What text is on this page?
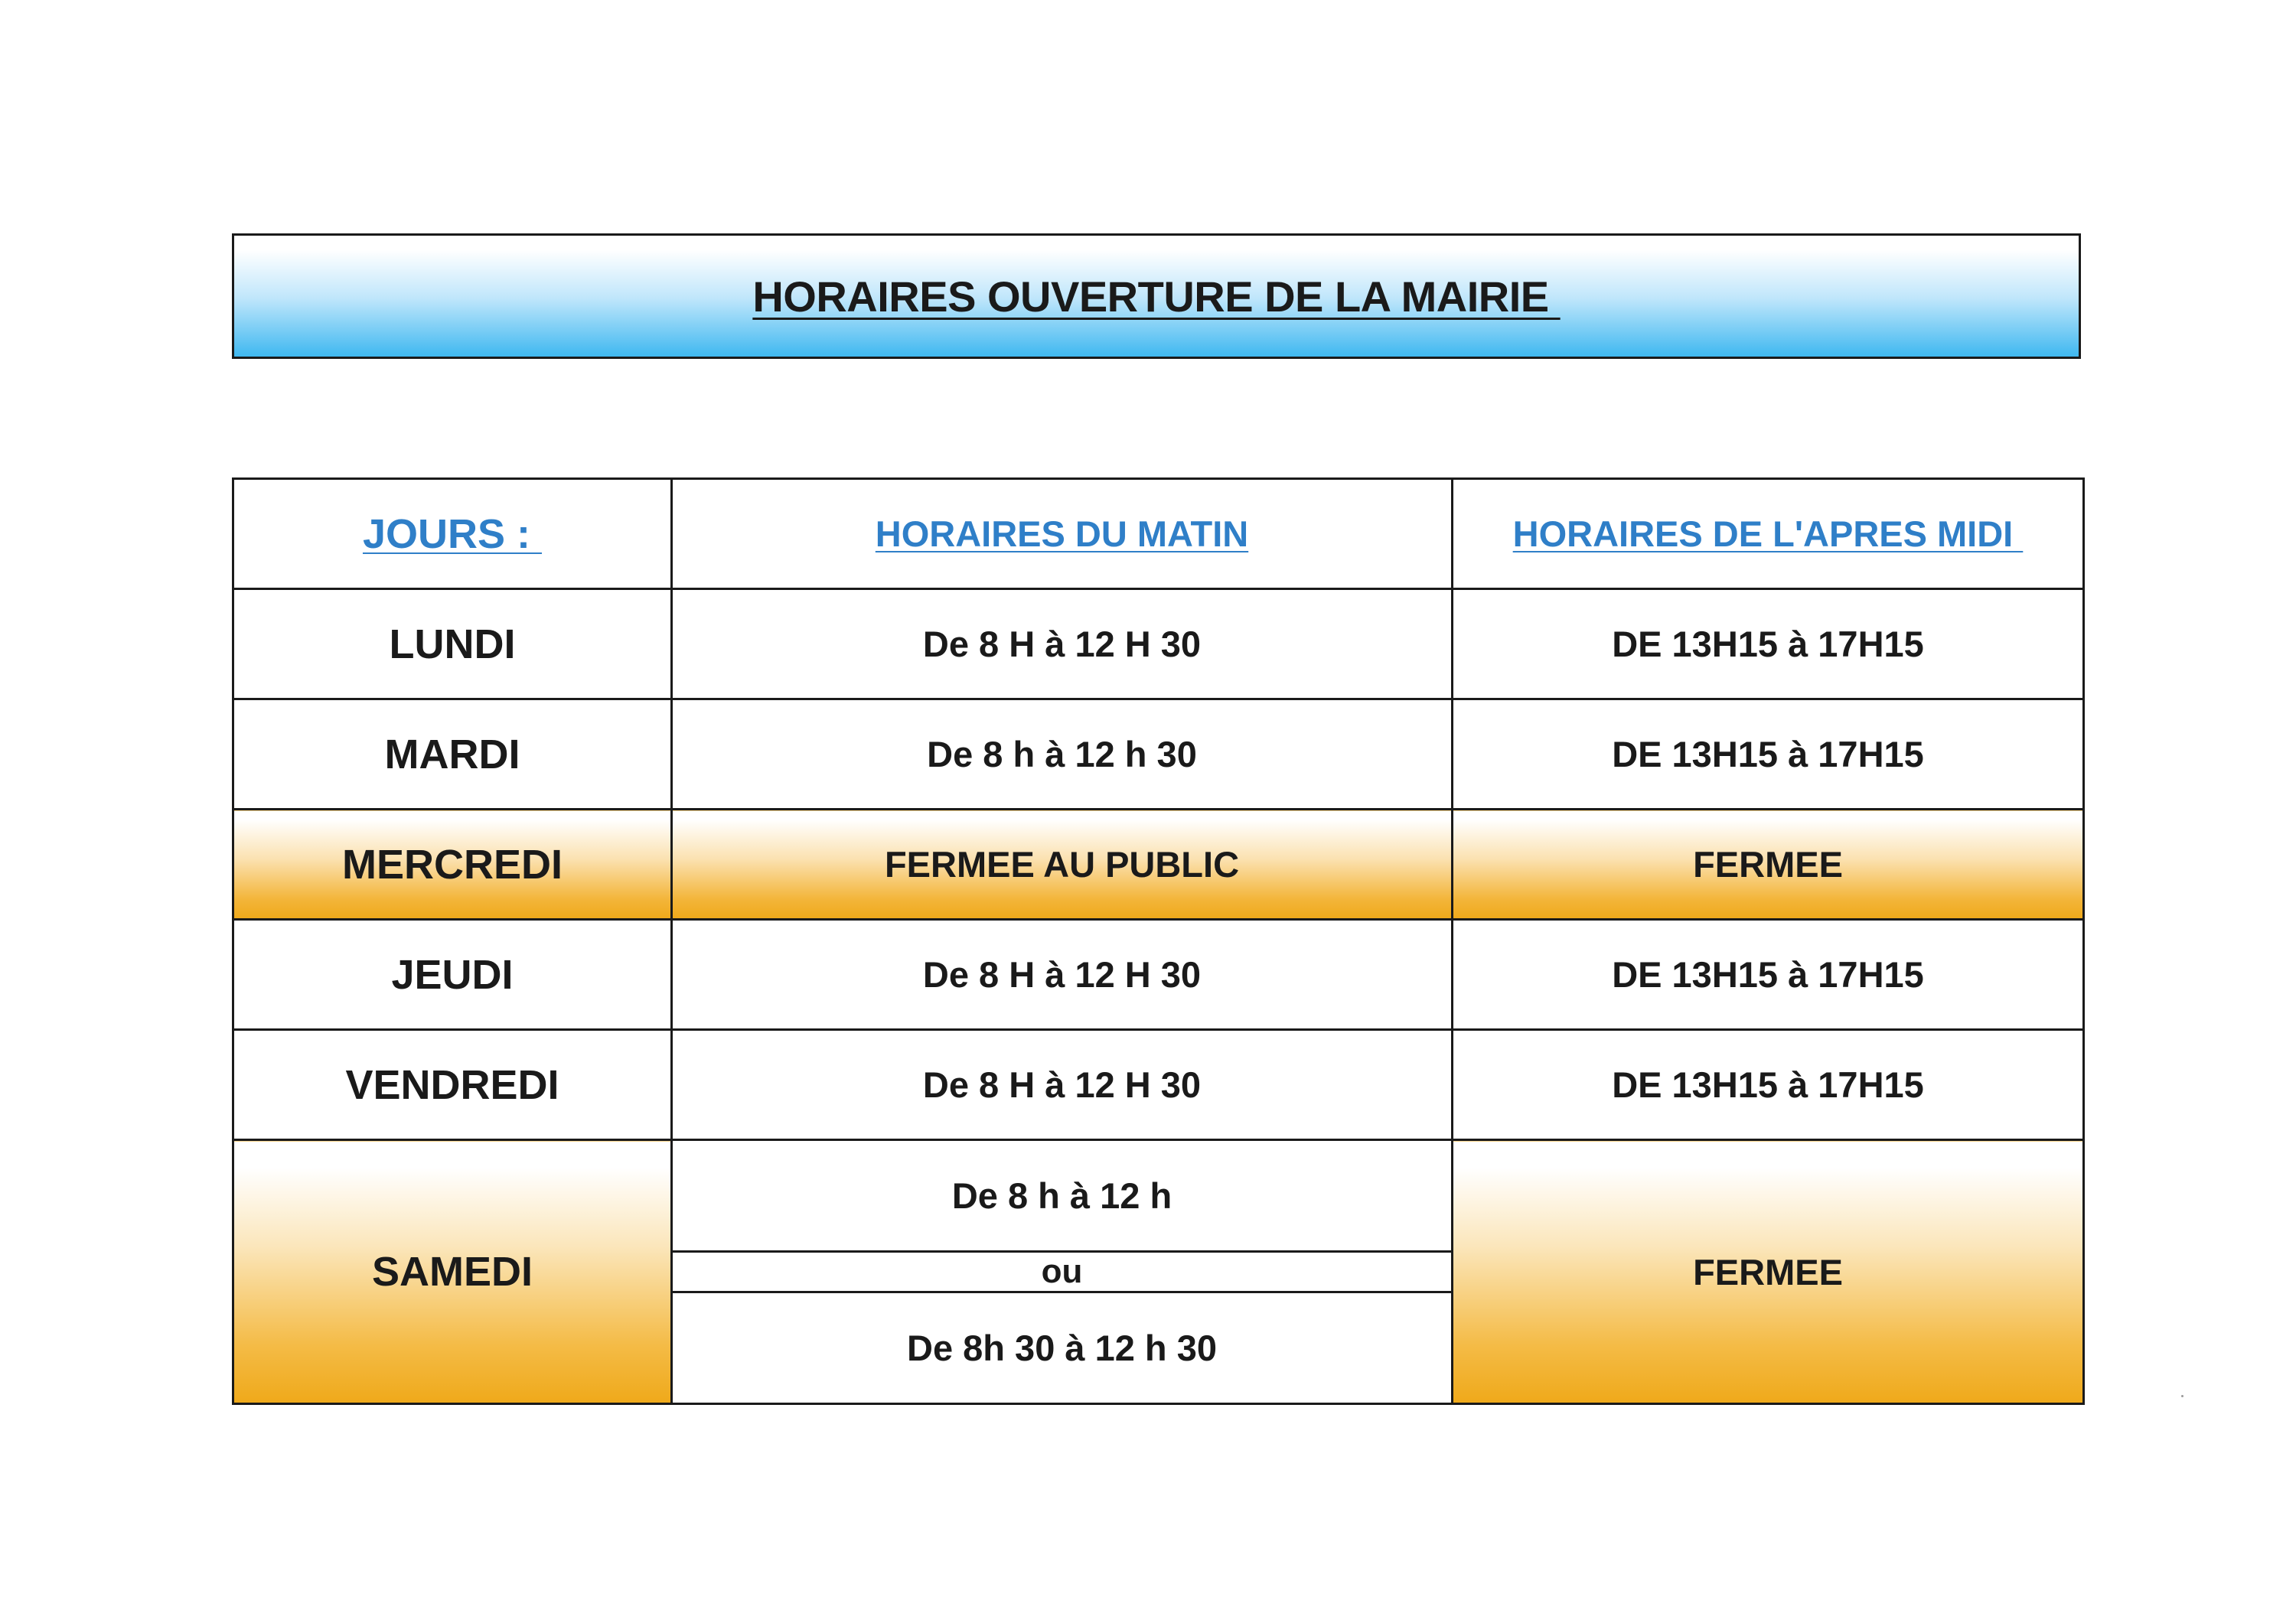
HORAIRES OUVERTURE DE LA MAIRIE
JOURS :	HORAIRES DU MATIN	HORAIRES DE L'APRES MIDI
LUNDI	De 8 H à 12 H 30	DE 13H15 à 17H15
MARDI	De 8 h à 12 h 30	DE 13H15 à 17H15
MERCREDI	FERMEE AU PUBLIC	FERMEE
JEUDI	De 8 H à 12 H 30	DE 13H15 à 17H15
VENDREDI	De 8 H à 12 H 30	DE 13H15 à 17H15
SAMEDI	De 8 h à 12 h	FERMEE
	ou	
	De 8h 30 à 12 h 30	
